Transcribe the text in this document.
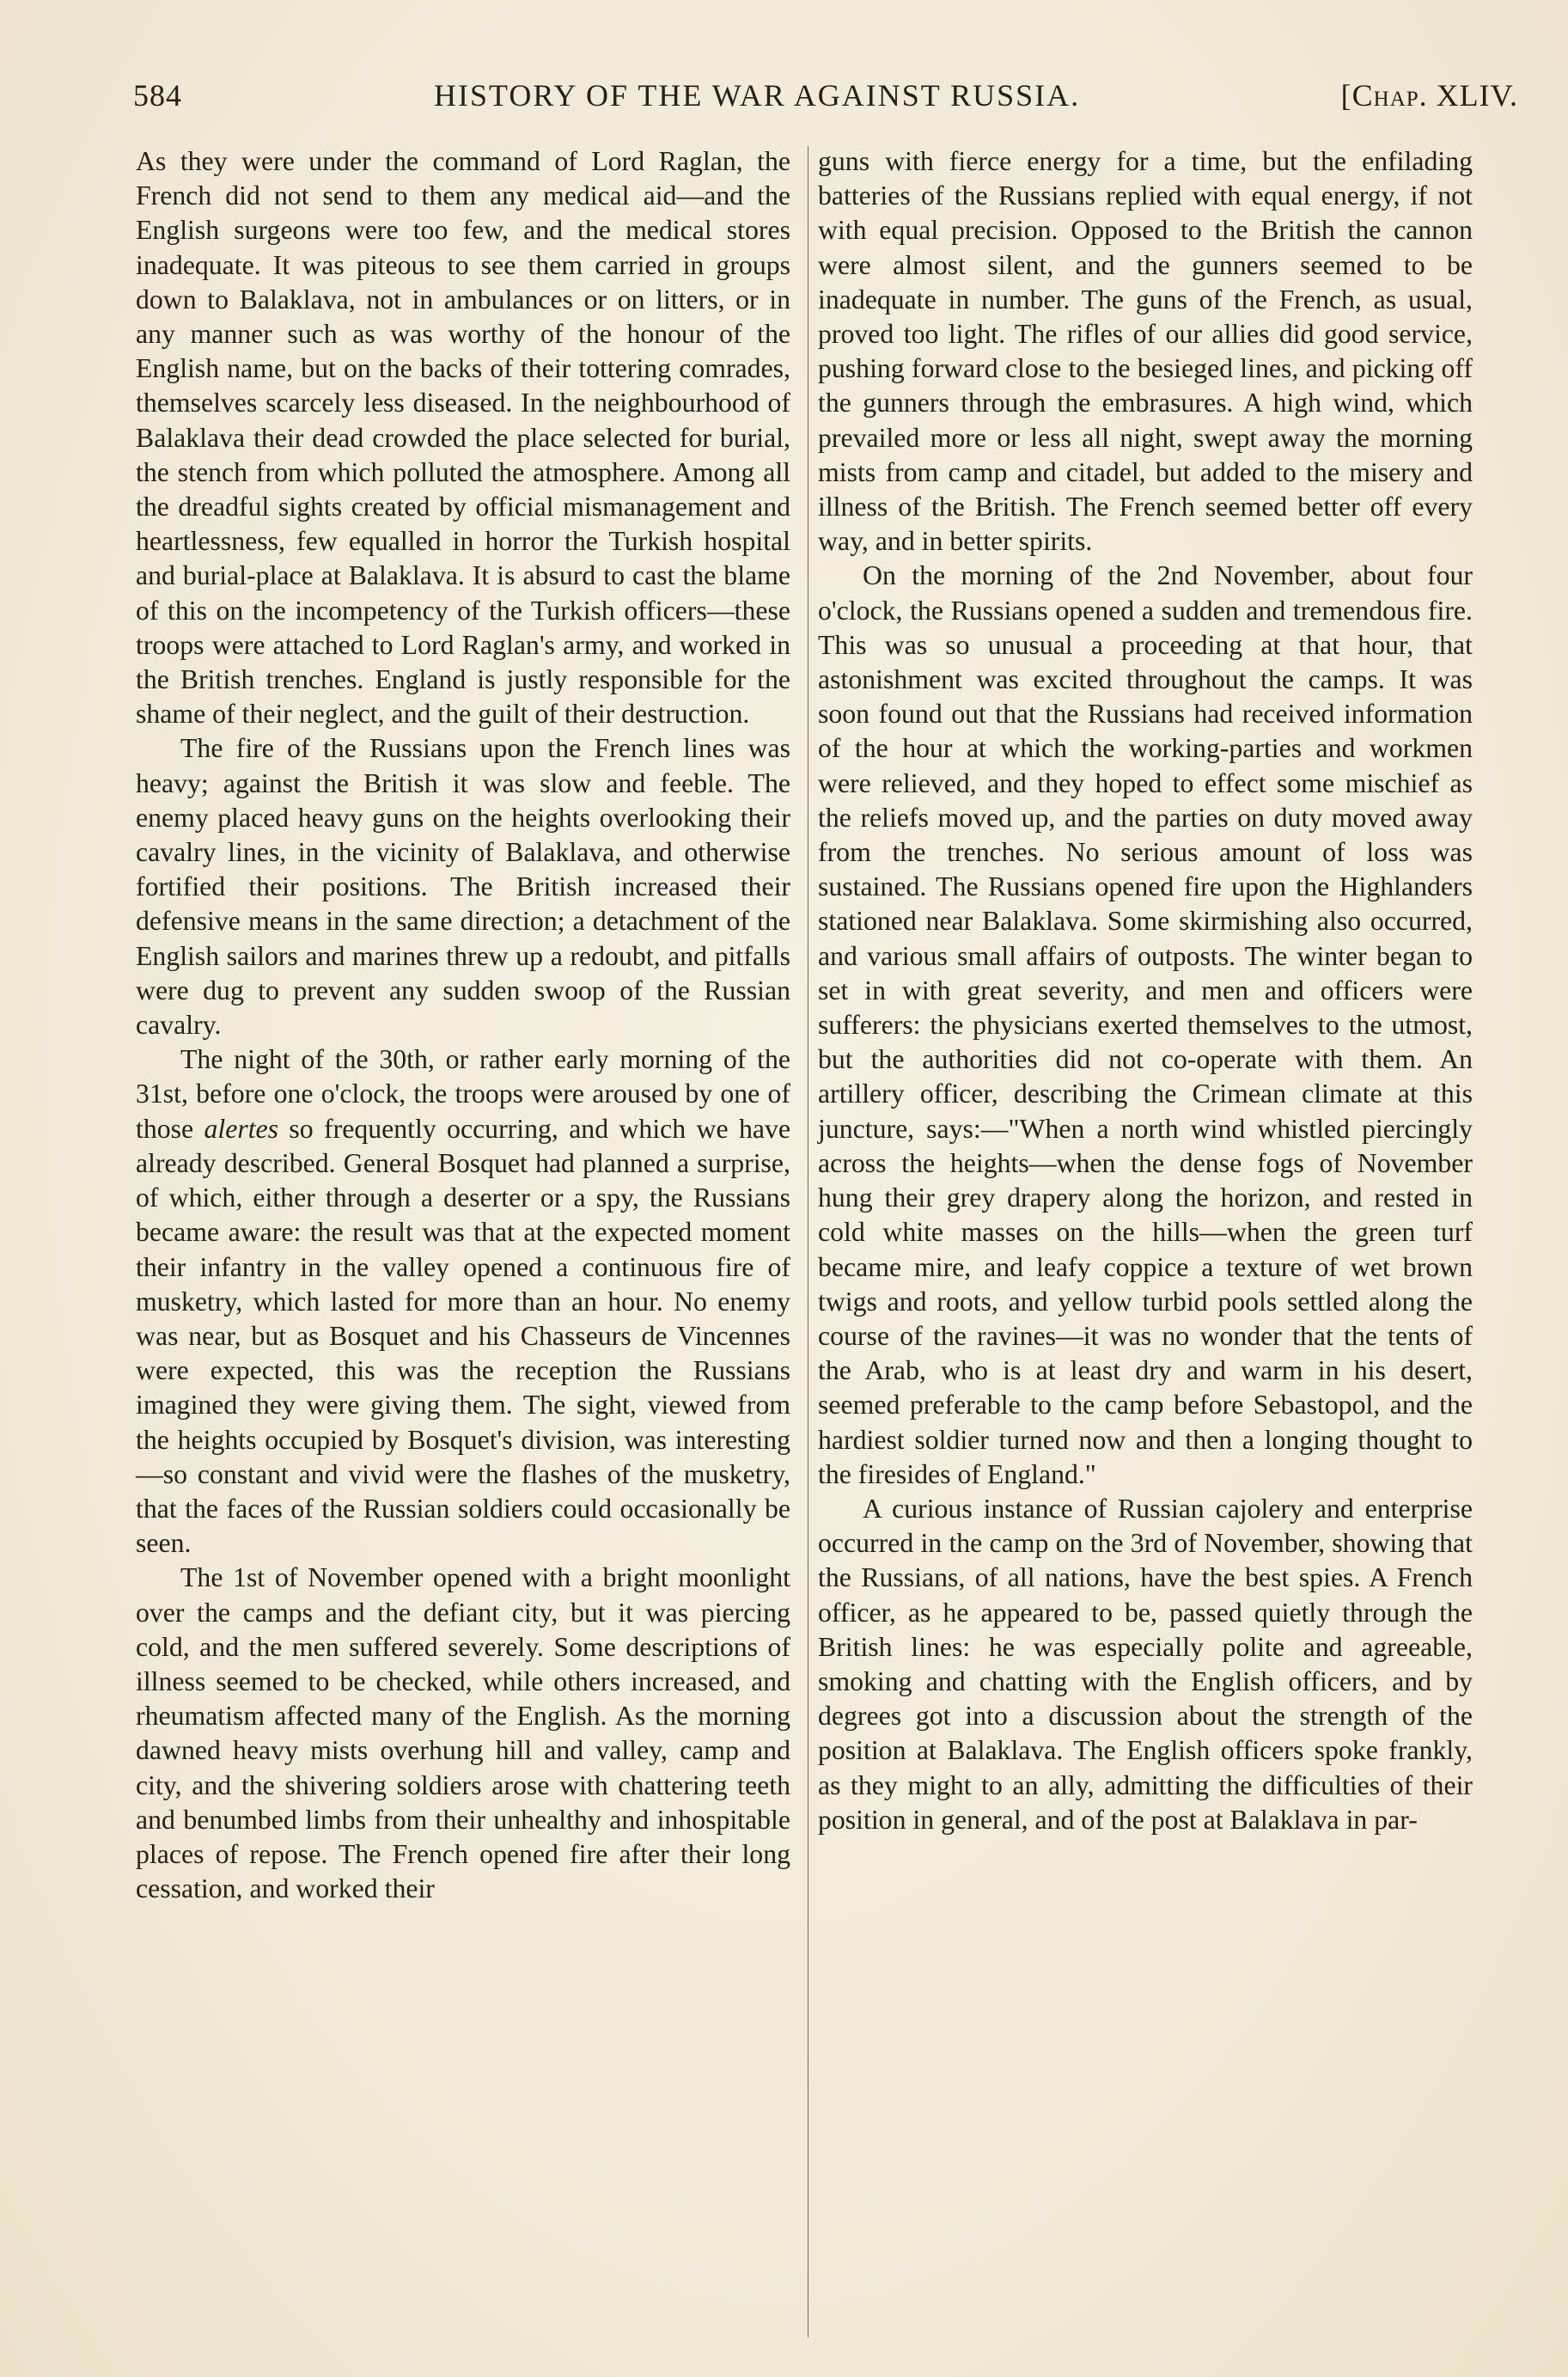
584	HISTORY OF THE WAR AGAINST RUSSIA.	[Chap. XLIV.

As they were under the command of Lord Raglan, the French did not send to them any medical aid—and the English surgeons were too few, and the medical stores inadequate. It was piteous to see them carried in groups down to Balaklava, not in ambulances or on litters, or in any manner such as was worthy of the honour of the English name, but on the backs of their tottering comrades, themselves scarcely less diseased. In the neighbourhood of Balaklava their dead crowded the place selected for burial, the stench from which polluted the atmosphere. Among all the dreadful sights created by official mismanagement and heartlessness, few equalled in horror the Turkish hospital and burial-place at Balaklava. It is absurd to cast the blame of this on the incompetency of the Turkish officers—these troops were attached to Lord Raglan's army, and worked in the British trenches. England is justly responsible for the shame of their neglect, and the guilt of their destruction.

The fire of the Russians upon the French lines was heavy; against the British it was slow and feeble. The enemy placed heavy guns on the heights overlooking their cavalry lines, in the vicinity of Balaklava, and otherwise fortified their positions. The British increased their defensive means in the same direction; a detachment of the English sailors and marines threw up a redoubt, and pitfalls were dug to prevent any sudden swoop of the Russian cavalry.

The night of the 30th, or rather early morning of the 31st, before one o'clock, the troops were aroused by one of those alertes so frequently occurring, and which we have already described. General Bosquet had planned a surprise, of which, either through a deserter or a spy, the Russians became aware: the result was that at the expected moment their infantry in the valley opened a continuous fire of musketry, which lasted for more than an hour. No enemy was near, but as Bosquet and his Chasseurs de Vincennes were expected, this was the reception the Russians imagined they were giving them. The sight, viewed from the heights occupied by Bosquet's division, was interesting—so constant and vivid were the flashes of the musketry, that the faces of the Russian soldiers could occasionally be seen.

The 1st of November opened with a bright moonlight over the camps and the defiant city, but it was piercing cold, and the men suffered severely. Some descriptions of illness seemed to be checked, while others increased, and rheumatism affected many of the English. As the morning dawned heavy mists overhung hill and valley, camp and city, and the shivering soldiers arose with chattering teeth and benumbed limbs from their unhealthy and inhospitable places of repose. The French opened fire after their long cessation, and worked their

guns with fierce energy for a time, but the enfilading batteries of the Russians replied with equal energy, if not with equal precision. Opposed to the British the cannon were almost silent, and the gunners seemed to be inadequate in number. The guns of the French, as usual, proved too light. The rifles of our allies did good service, pushing forward close to the besieged lines, and picking off the gunners through the embrasures. A high wind, which prevailed more or less all night, swept away the morning mists from camp and citadel, but added to the misery and illness of the British. The French seemed better off every way, and in better spirits.

On the morning of the 2nd November, about four o'clock, the Russians opened a sudden and tremendous fire. This was so unusual a proceeding at that hour, that astonishment was excited throughout the camps. It was soon found out that the Russians had received information of the hour at which the working-parties and workmen were relieved, and they hoped to effect some mischief as the reliefs moved up, and the parties on duty moved away from the trenches. No serious amount of loss was sustained. The Russians opened fire upon the Highlanders stationed near Balaklava. Some skirmishing also occurred, and various small affairs of outposts. The winter began to set in with great severity, and men and officers were sufferers: the physicians exerted themselves to the utmost, but the authorities did not co-operate with them. An artillery officer, describing the Crimean climate at this juncture, says:—"When a north wind whistled piercingly across the heights—when the dense fogs of November hung their grey drapery along the horizon, and rested in cold white masses on the hills—when the green turf became mire, and leafy coppice a texture of wet brown twigs and roots, and yellow turbid pools settled along the course of the ravines—it was no wonder that the tents of the Arab, who is at least dry and warm in his desert, seemed preferable to the camp before Sebastopol, and the hardiest soldier turned now and then a longing thought to the firesides of England."

A curious instance of Russian cajolery and enterprise occurred in the camp on the 3rd of November, showing that the Russians, of all nations, have the best spies. A French officer, as he appeared to be, passed quietly through the British lines: he was especially polite and agreeable, smoking and chatting with the English officers, and by degrees got into a discussion about the strength of the position at Balaklava. The English officers spoke frankly, as they might to an ally, admitting the difficulties of their position in general, and of the post at Balaklava in par-
